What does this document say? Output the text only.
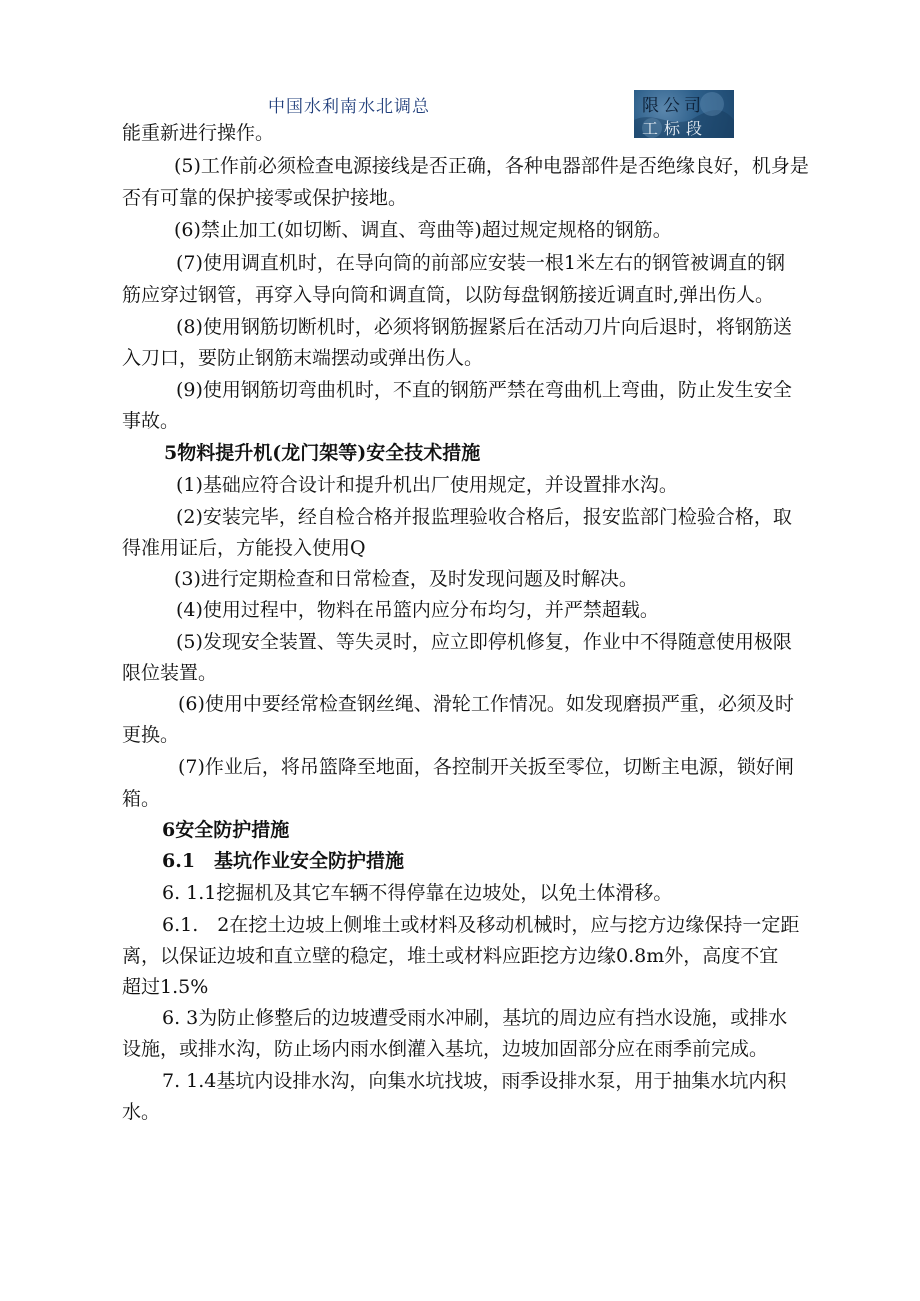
中国水利南水北调总	限公司
工标段
能重新进行操作。
(5)工作前必须检查电源接线是否正确，各种电器部件是否绝缘良好，机身是
否有可靠的保护接零或保护接地。
(6)禁止加工(如切断、调直、弯曲等)超过规定规格的钢筋。
(7)使用调直机时，在导向筒的前部应安装一根1米左右的钢管被调直的钢
筋应穿过钢管，再穿入导向筒和调直筒，以防每盘钢筋接近调直时,弹出伤人。
(8)使用钢筋切断机时，必须将钢筋握紧后在活动刀片向后退时，将钢筋送
入刀口，要防止钢筋末端摆动或弹出伤人。
(9)使用钢筋切弯曲机时，不直的钢筋严禁在弯曲机上弯曲，防止发生安全
事故。
5物料提升机(龙门架等)安全技术措施
(1)基础应符合设计和提升机出厂使用规定，并设置排水沟。
(2)安装完毕，经自检合格并报监理验收合格后，报安监部门检验合格，取
得准用证后，方能投入使用Q
(3)进行定期检查和日常检查，及时发现问题及时解决。
(4)使用过程中，物料在吊篮内应分布均匀，并严禁超载。
(5)发现安全装置、等失灵时，应立即停机修复，作业中不得随意使用极限
限位装置。
(6)使用中要经常检查钢丝绳、滑轮工作情况。如发现磨损严重，必须及时
更换。
(7)作业后，将吊篮降至地面，各控制开关扳至零位，切断主电源，锁好闸
箱。
6安全防护措施
6.1　基坑作业安全防护措施
6. 1.1挖掘机及其它车辆不得停靠在边坡处，以免土体滑移。
6.1.　2在挖土边坡上侧堆土或材料及移动机械时，应与挖方边缘保持一定距
离，以保证边坡和直立壁的稳定，堆土或材料应距挖方边缘0.8m外，高度不宜
超过1.5%
6. 3为防止修整后的边坡遭受雨水冲刷，基坑的周边应有挡水设施，或排水
设施，或排水沟，防止场内雨水倒灌入基坑，边坡加固部分应在雨季前完成。
7. 1.4基坑内设排水沟，向集水坑找坡，雨季设排水泵，用于抽集水坑内积
水。
